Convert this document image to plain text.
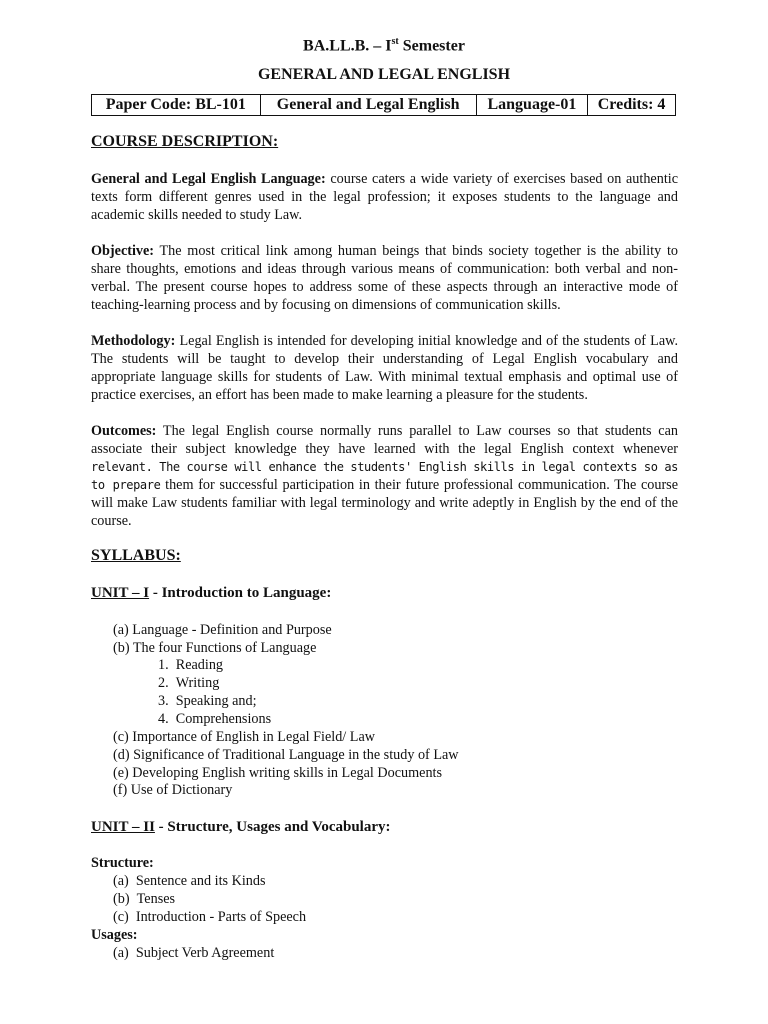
BA.LL.B. – Ist Semester
GENERAL AND LEGAL ENGLISH
Paper Code: BL-101	General and Legal English	Language-01	Credits: 4
COURSE DESCRIPTION:

General and Legal English Language: course caters a wide variety of exercises based on authentic texts form different genres used in the legal profession; it exposes students to the language and academic skills needed to study Law.

Objective: The most critical link among human beings that binds society together is the ability to share thoughts, emotions and ideas through various means of communication: both verbal and non-verbal. The present course hopes to address some of these aspects through an interactive mode of teaching-learning process and by focusing on dimensions of communication skills.

Methodology: Legal English is intended for developing initial knowledge and of the students of Law. The students will be taught to develop their understanding of Legal English vocabulary and appropriate language skills for students of Law. With minimal textual emphasis and optimal use of practice exercises, an effort has been made to make learning a pleasure for the students.

Outcomes: The legal English course normally runs parallel to Law courses so that students can associate their subject knowledge they have learned with the legal English context whenever relevant. The course will enhance the students' English skills in legal contexts so as to prepare them for successful participation in their future professional communication. The course will make Law students familiar with legal terminology and write adeptly in English by the end of the course.

SYLLABUS:
UNIT – I - Introduction to Language:
(a) Language - Definition and Purpose
(b) The four Functions of Language
1.  Reading
2.  Writing
3.  Speaking and;
4.  Comprehensions
(c) Importance of English in Legal Field/ Law
(d) Significance of Traditional Language in the study of Law
(e) Developing English writing skills in Legal Documents
(f) Use of Dictionary
UNIT – II - Structure, Usages and Vocabulary:
Structure:
(a)  Sentence and its Kinds
(b)  Tenses
(c)  Introduction - Parts of Speech
Usages:
(a)  Subject Verb Agreement
